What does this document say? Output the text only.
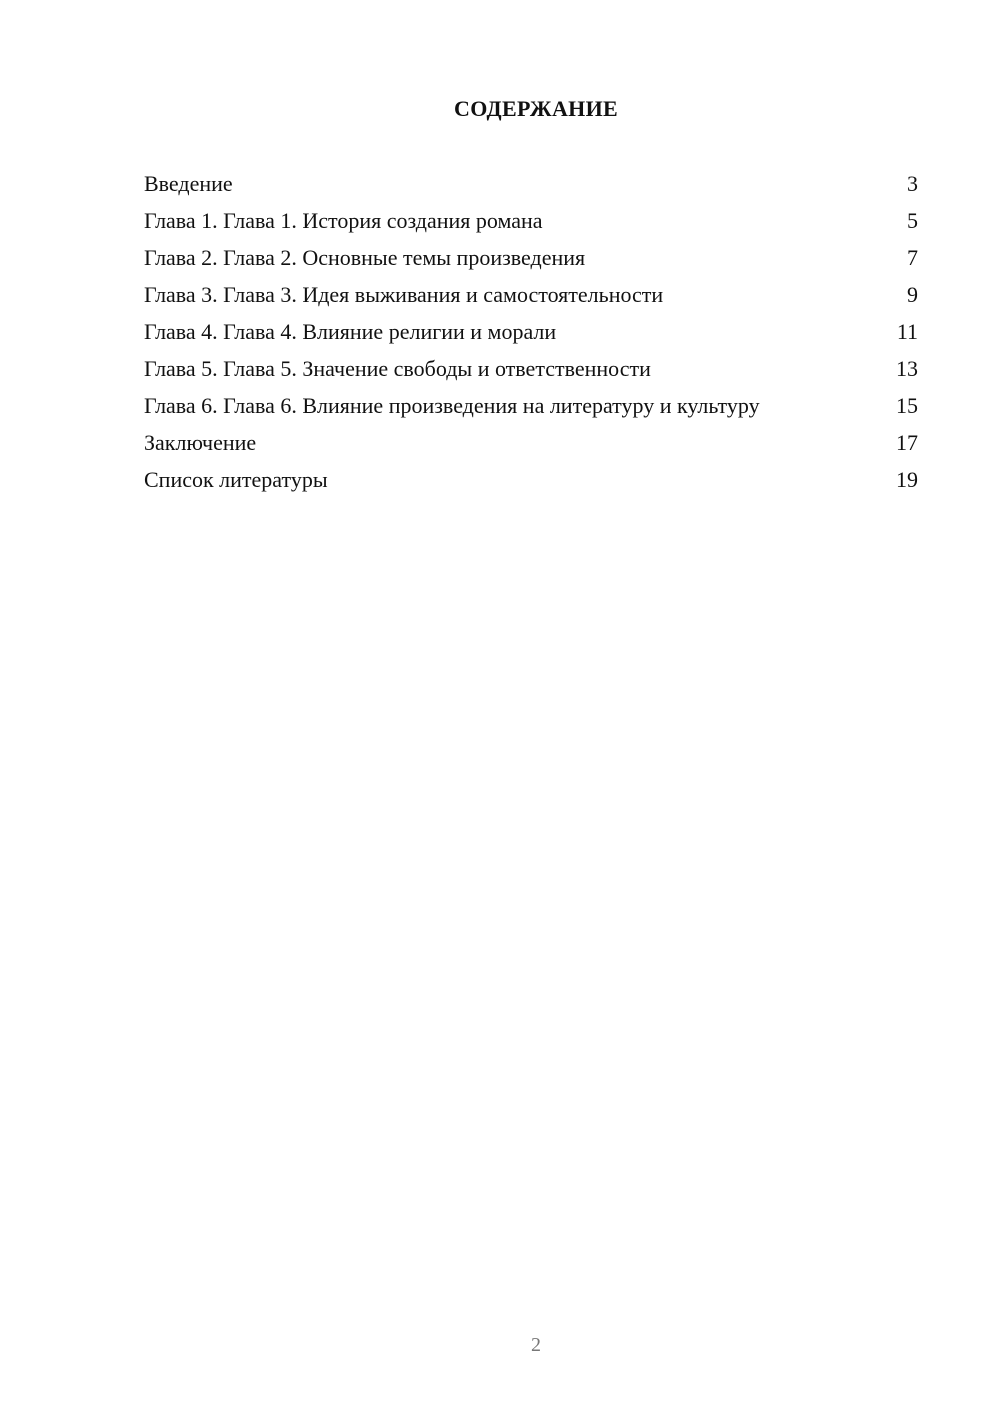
СОДЕРЖАНИЕ
Введение	3
Глава 1. Глава 1. История создания романа	5
Глава 2. Глава 2. Основные темы произведения	7
Глава 3. Глава 3. Идея выживания и самостоятельности	9
Глава 4. Глава 4. Влияние религии и морали	11
Глава 5. Глава 5. Значение свободы и ответственности	13
Глава 6. Глава 6. Влияние произведения на литературу и культуру	15
Заключение	17
Список литературы	19
2
